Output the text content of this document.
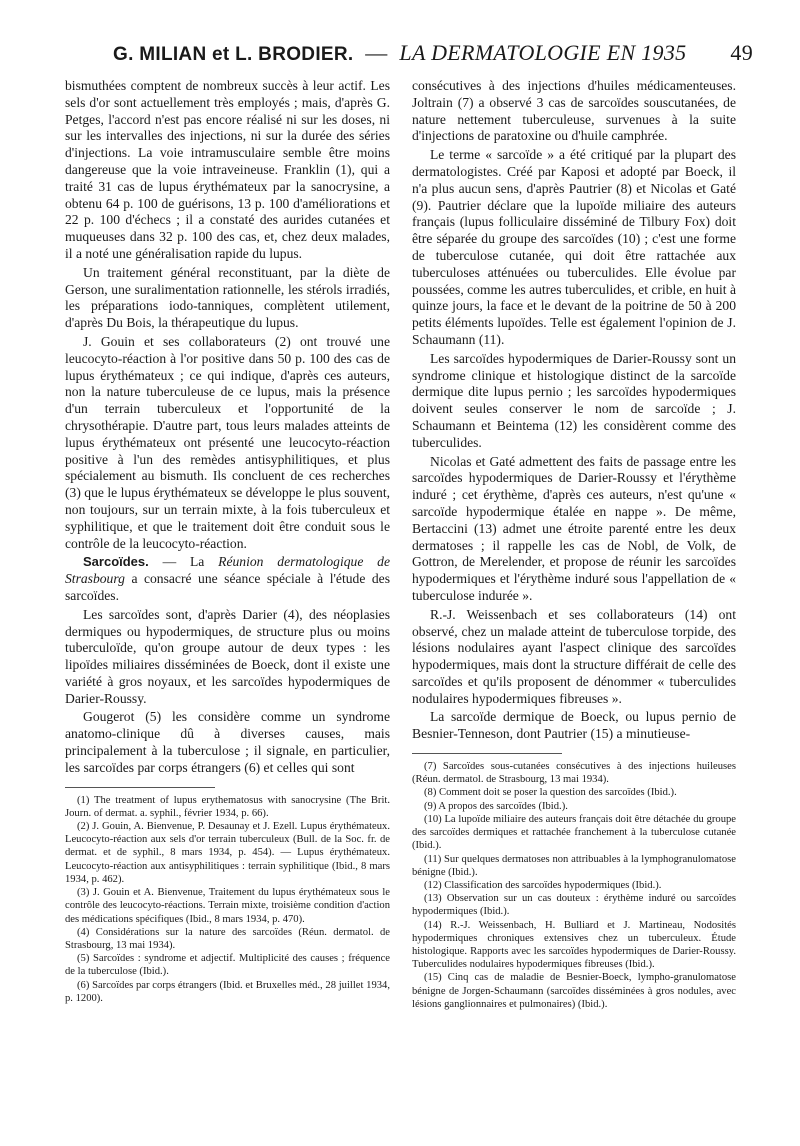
G. MILIAN et L. BRODIER. — LA DERMATOLOGIE EN 1935 49

bismuthées comptent de nombreux succès à leur actif. Les sels d'or sont actuellement très employés ; mais, d'après G. Petges, l'accord n'est pas encore réalisé ni sur les doses, ni sur les intervalles des injections, ni sur la durée des séries d'injections. La voie intramusculaire semble être moins dangereuse que la voie intraveineuse. Franklin (1), qui a traité 31 cas de lupus érythémateux par la sanocrysine, a obtenu 64 p. 100 de guérisons, 13 p. 100 d'améliorations et 22 p. 100 d'échecs ; il a constaté des aurides cutanées et muqueuses dans 32 p. 100 des cas, et, chez deux malades, il a noté une généralisation rapide du lupus.

Un traitement général reconstituant, par la diète de Gerson, une suralimentation rationnelle, les stérols irradiés, les préparations iodo-tanniques, complètent utilement, d'après Du Bois, la thérapeutique du lupus.

J. Gouin et ses collaborateurs (2) ont trouvé une leucocyto-réaction à l'or positive dans 50 p. 100 des cas de lupus érythémateux ; ce qui indique, d'après ces auteurs, non la nature tuberculeuse de ce lupus, mais la présence d'un terrain tuberculeux et l'opportunité de la chrysothérapie. D'autre part, tous leurs malades atteints de lupus érythémateux ont présenté une leucocyto-réaction positive à l'un des remèdes antisyphilitiques, et plus spécialement au bismuth. Ils concluent de ces recherches (3) que le lupus érythémateux se développe le plus souvent, non toujours, sur un terrain mixte, à la fois tuberculeux et syphilitique, et que le traitement doit être conduit sous le contrôle de la leucocyto-réaction.

Sarcoïdes. — La Réunion dermatologique de Strasbourg a consacré une séance spéciale à l'étude des sarcoïdes.

Les sarcoïdes sont, d'après Darier (4), des néoplasies dermiques ou hypodermiques, de structure plus ou moins tuberculoïde, qu'on groupe autour de deux types : les lipoïdes miliaires disséminées de Boeck, dont il existe une variété à gros noyaux, et les sarcoïdes hypodermiques de Darier-Roussy.

Gougerot (5) les considère comme un syndrome anatomo-clinique dû à diverses causes, mais principalement à la tuberculose ; il signale, en particulier, les sarcoïdes par corps étrangers (6) et celles qui sont

(1) The treatment of lupus erythematosus with sanocrysine (The Brit. Journ. of dermat. a. syphil., février 1934, p. 66).

(2) J. Gouin, A. Bienvenue, P. Desaunay et J. Ezell. Lupus érythémateux. Leucocyto-réaction aux sels d'or terrain tuberculeux (Bull. de la Soc. fr. de dermat. et de syphil., 8 mars 1934, p. 454). — Lupus érythémateux. Leucocyto-réaction aux antisyphilitiques : terrain syphilitique (Ibid., 8 mars 1934, p. 462).

(3) J. Gouin et A. Bienvenue, Traitement du lupus érythémateux sous le contrôle des leucocyto-réactions. Terrain mixte, troisième condition d'action des médications spécifiques (Ibid., 8 mars 1934, p. 470).

(4) Considérations sur la nature des sarcoïdes (Réun. dermatol. de Strasbourg, 13 mai 1934).

(5) Sarcoïdes : syndrome et adjectif. Multiplicité des causes ; fréquence de la tuberculose (Ibid.).

(6) Sarcoïdes par corps étrangers (Ibid. et Bruxelles méd., 28 juillet 1934, p. 1200).

consécutives à des injections d'huiles médicamenteuses. Joltrain (7) a observé 3 cas de sarcoïdes souscutanées, de nature nettement tuberculeuse, survenues à la suite d'injections de paratoxine ou d'huile camphrée.

Le terme « sarcoïde » a été critiqué par la plupart des dermatologistes. Créé par Kaposi et adopté par Boeck, il n'a plus aucun sens, d'après Pautrier (8) et Nicolas et Gaté (9). Pautrier déclare que la lupoïde miliaire des auteurs français (lupus folliculaire disséminé de Tilbury Fox) doit être séparée du groupe des sarcoïdes (10) ; c'est une forme de tuberculose cutanée, qui doit être rattachée aux tuberculoses atténuées ou tuberculides. Elle évolue par poussées, comme les autres tuberculides, et crible, en huit à quinze jours, la face et le devant de la poitrine de 50 à 200 petits éléments lupoïdes. Telle est également l'opinion de J. Schaumann (11).

Les sarcoïdes hypodermiques de Darier-Roussy sont un syndrome clinique et histologique distinct de la sarcoïde dermique dite lupus pernio ; les sarcoïdes hypodermiques doivent seules conserver le nom de sarcoïde ; J. Schaumann et Beintema (12) les considèrent comme des tuberculides.

Nicolas et Gaté admettent des faits de passage entre les sarcoïdes hypodermiques de Darier-Roussy et l'érythème induré ; cet érythème, d'après ces auteurs, n'est qu'une « sarcoïde hypodermique étalée en nappe ». De même, Bertaccini (13) admet une étroite parenté entre les deux dermatoses ; il rappelle les cas de Nobl, de Volk, de Gottron, de Merelender, et propose de réunir les sarcoïdes hypodermiques et l'érythème induré sous l'appellation de « tuberculose indurée ».

R.-J. Weissenbach et ses collaborateurs (14) ont observé, chez un malade atteint de tuberculose torpide, des lésions nodulaires ayant l'aspect clinique des sarcoïdes hypodermiques, mais dont la structure différait de celle des sarcoïdes et qu'ils proposent de dénommer « tuberculides nodulaires hypodermiques fibreuses ».

La sarcoïde dermique de Boeck, ou lupus pernio de Besnier-Tenneson, dont Pautrier (15) a minutieuse-

(7) Sarcoïdes sous-cutanées consécutives à des injections huileuses (Réun. dermatol. de Strasbourg, 13 mai 1934).

(8) Comment doit se poser la question des sarcoïdes (Ibid.).

(9) A propos des sarcoïdes (Ibid.).

(10) La lupoïde miliaire des auteurs français doit être détachée du groupe des sarcoïdes dermiques et rattachée franchement à la tuberculose cutanée (Ibid.).

(11) Sur quelques dermatoses non attribuables à la lymphogranulomatose bénigne (Ibid.).

(12) Classification des sarcoïdes hypodermiques (Ibid.).

(13) Observation sur un cas douteux : érythème induré ou sarcoïdes hypodermiques (Ibid.).

(14) R.-J. Weissenbach, H. Bulliard et J. Martineau, Nodosités hypodermiques chroniques extensives chez un tuberculeux. Étude histologique. Rapports avec les sarcoïdes hypodermiques de Darier-Roussy. Tuberculides nodulaires hypodermiques fibreuses (Ibid.).

(15) Cinq cas de maladie de Besnier-Boeck, lympho-granulomatose bénigne de Jorgen-Schaumann (sarcoïdes disséminées à gros nodules, avec lésions ganglionnaires et pulmonaires) (Ibid.).
